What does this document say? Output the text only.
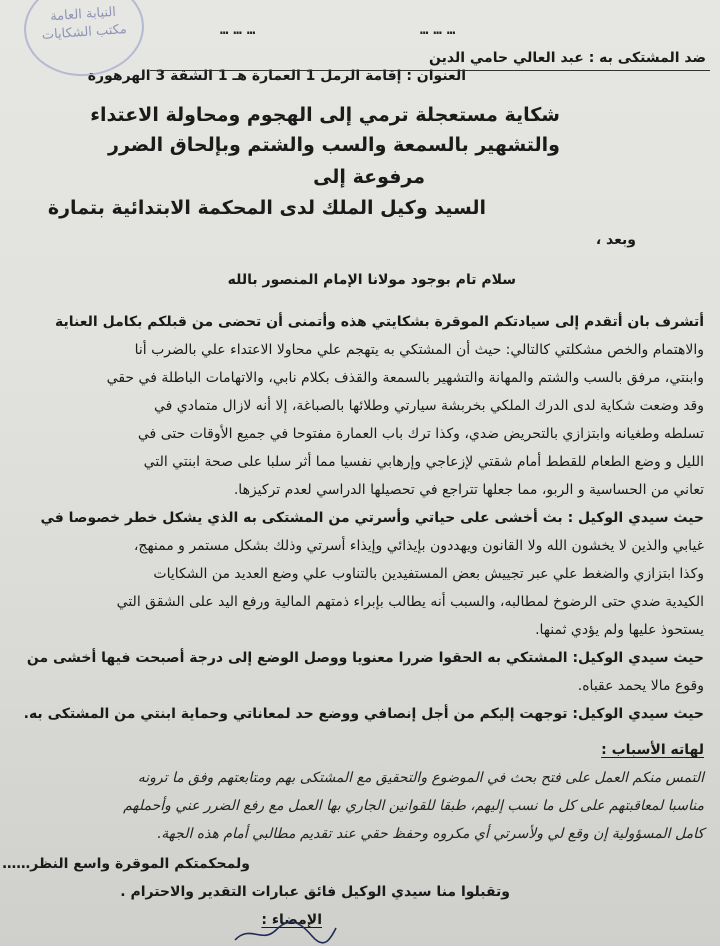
النيابة العامة
مكتب الشكايات	………
………
ضد المشتكى به : عبد العالي حامي الدين
العنوان : إقامة الرمل 1 العمارة هـ 1 الشقة 3 الهرهورة
شكاية مستعجلة ترمي إلى الهجوم ومحاولة الاعتداء
والتشهير بالسمعة والسب والشتم وبإلحاق الضرر
مرفوعة إلى
السيد وكيل الملك لدى المحكمة الابتدائية بتمارة
وبعد ،
سلام تام بوجود مولانا الإمام المنصور بالله
أتشرف بان أتقدم إلى سيادتكم الموقرة بشكايتي هذه وأتمنى أن تحضى من قبلكم بكامل العناية
والاهتمام والخص مشكلتي كالتالي: حيث أن المشتكي به يتهجم علي محاولا الاعتداء علي بالضرب أنا
وابنتي، مرفق بالسب والشتم والمهانة والتشهير بالسمعة والقذف بكلام نابي، والاتهامات الباطلة في حقي
وقد وضعت شكاية لدى الدرك الملكي بخربشة سيارتي وطلائها بالصباغة، إلا أنه لازال متمادي في
تسلطه وطغيانه وابتزازي بالتحريض ضدي، وكذا ترك باب العمارة مفتوحا في جميع الأوقات حتى في
الليل و وضع الطعام للقطط أمام شقتي لإزعاجي وإرهابي نفسيا مما أثر سلبا على صحة ابنتي التي
تعاني من الحساسية و الربو، مما جعلها تتراجع في تحصيلها الدراسي لعدم تركيزها.
حيث سيدي الوكيل : بث أخشى على حياتي وأسرتي من المشتكى به الذي يشكل خطر خصوصا في
غيابي والذين لا يخشون الله ولا القانون ويهددون بإيذائي وإيذاء أسرتي وذلك بشكل مستمر و ممنهج،
وكذا ابتزازي والضغط علي عبر تجييش بعض المستفيدين بالتناوب علي وضع العديد من الشكايات
الكيدية ضدي حتى الرضوخ لمطالبه، والسبب أنه يطالب بإبراء ذمتهم المالية ورفع اليد على الشقق التي
يستحوذ عليها ولم يؤدي ثمنها.
حيث سيدي الوكيل: المشتكي به الحقوا ضررا معنويا ووصل الوضع إلى درجة أصبحت فيها أخشى من
وقوع مالا يحمد عقباه.
حيث سيدي الوكيل: توجهت إليكم من أجل إنصافي ووضع حد لمعاناتي وحماية ابنتي من المشتكى به.
لهاته الأسباب :
التمس منكم العمل على فتح بحث في الموضوع والتحقيق مع المشتكى بهم ومتابعتهم وفق ما ترونه
مناسبا لمعاقبتهم على كل ما نسب إليهم، طبقا للقوانين الجاري بها العمل مع رفع الضرر عني وأحملهم
كامل المسؤولية إن وقع لي ولأسرتي أي مكروه وحفظ حقي عند تقديم مطالبي أمام هذه الجهة.
ولمحكمتكم الموقرة واسع النظر……
وتقبلوا منا سيدي الوكيل فائق عبارات التقدير والاحترام .
الإمضاء :
